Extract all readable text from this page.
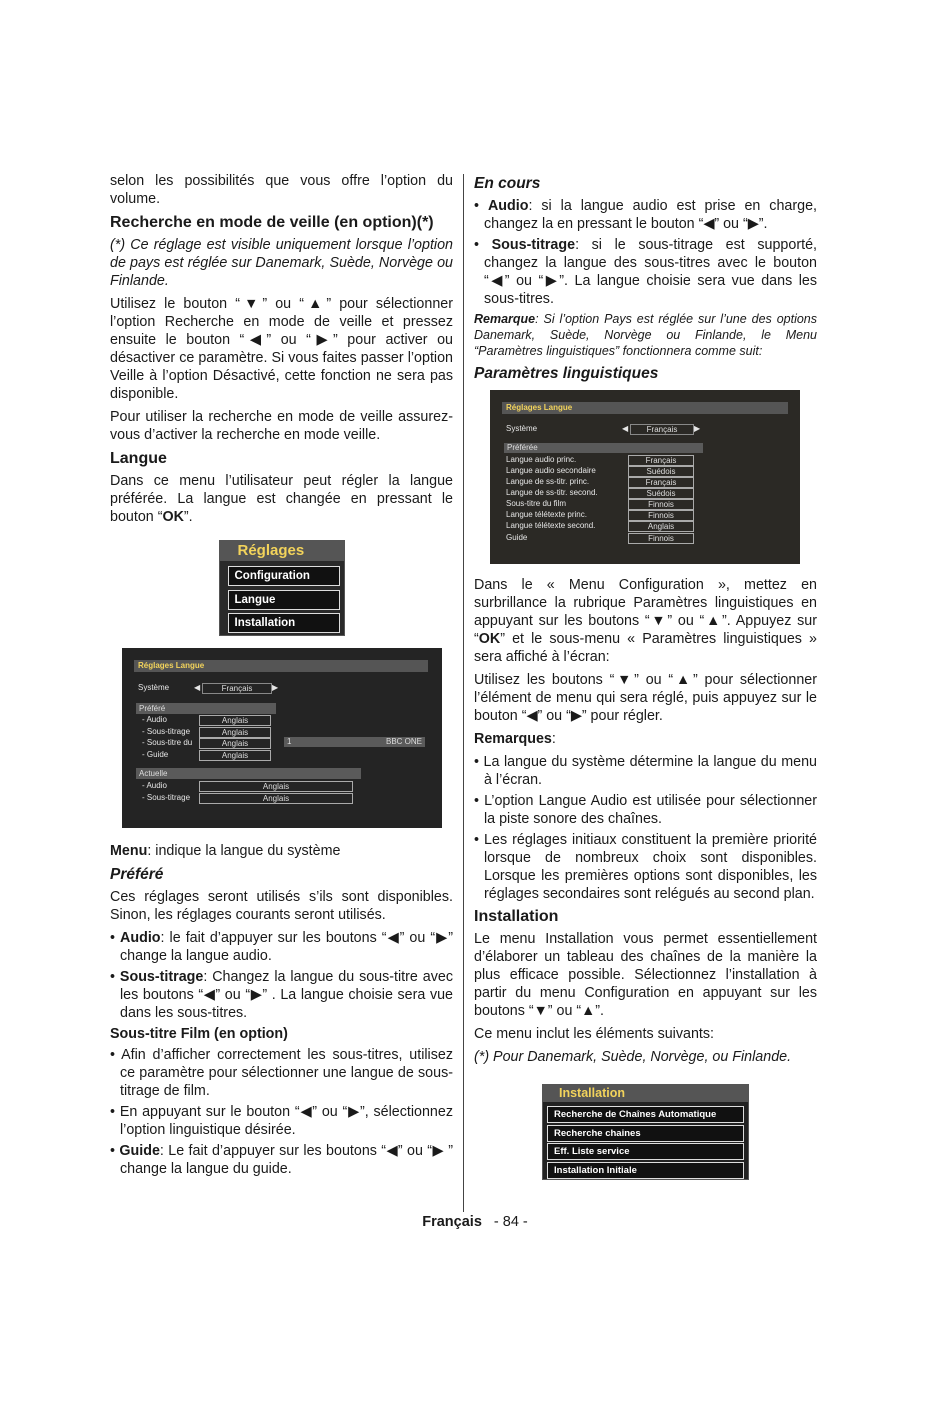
selon les possibilités que vous offre l’option du volume.

Recherche en mode de veille (en option)(*)

(*) Ce réglage est visible uniquement lorsque l’option de pays est réglée sur Danemark, Suède, Norvège ou Finlande.

Utilisez le bouton “▼” ou “▲” pour sélectionner l’option Recherche en mode de veille et pressez ensuite le bouton “◀” ou “▶” pour activer ou désactiver ce paramètre. Si vous faites passer l’option Veille à l’option Désactivé, cette fonction ne sera pas disponible.

Pour utiliser la recherche en mode de veille assurez-vous d’activer la recherche en mode veille.

Langue

Dans ce menu l’utilisateur peut régler la langue préférée. La langue est changée en pressant le bouton “OK”.

Réglages
Configuration
Langue
Installation
Réglages Langue
Système	◀	Français	▶
Préféré
- Audio	Anglais
- Sous-titrage	Anglais
- Sous-titre du	Anglais	1	BBC ONE
- Guide	Anglais
Actuelle
- Audio	Anglais
- Sous-titrage	Anglais

Menu: indique la langue du système

Préféré

Ces réglages seront utilisés s’ils sont disponibles. Sinon, les réglages courants seront utilisés.

• Audio: le fait d’appuyer sur les boutons “◀” ou “▶” change la langue audio.

• Sous-titrage: Changez la langue du sous-titre avec les boutons “◀” ou “▶” . La langue choisie sera vue dans les sous-titres.

Sous-titre Film (en option)

• Afin d’afficher correctement les sous-titres, utilisez ce paramètre pour sélectionner une langue de sous-titrage de film.

• En appuyant sur le bouton “◀” ou “▶”, sélectionnez l’option linguistique désirée.

• Guide: Le fait d’appuyer sur les boutons “◀” ou “▶ ” change la langue du guide.

En cours

• Audio: si la langue audio est prise en charge, changez la en pressant le bouton “◀” ou “▶”.

• Sous-titrage: si le sous-titrage est supporté, changez la langue des sous-titres avec le bouton “◀” ou “▶”. La langue choisie sera vue dans les sous-titres.

Remarque: Si l’option Pays est réglée sur l’une des options Danemark, Suède, Norvège ou Finlande, le Menu “Paramètres linguistiques” fonctionnera comme suit:

Paramètres linguistiques
Réglages Langue
Système	◀	Français	▶
Préférée
Langue audio princ.	Français
Langue audio secondaire	Suédois
Langue de ss-titr. princ.	Français
Langue de ss-titr. second.	Suédois
Sous-titre du film	Finnois
Langue télétexte princ.	Finnois
Langue télétexte second.	Anglais
Guide	Finnois

Dans le « Menu Configuration », mettez en surbrillance la rubrique Paramètres linguistiques en appuyant sur les boutons “▼” ou “▲”. Appuyez sur “OK” et le sous-menu « Paramètres linguistiques » sera affiché à l’écran:

Utilisez les boutons “▼” ou “▲” pour sélectionner l’élément de menu qui sera réglé, puis appuyez sur le bouton “◀” ou “▶” pour régler.

Remarques:

• La langue du système détermine la langue du menu à l’écran.

• L’option Langue Audio est utilisée pour sélectionner la piste sonore des chaînes.

• Les réglages initiaux constituent la première priorité lorsque de nombreux choix sont disponibles. Lorsque les premières options sont disponibles, les réglages secondaires sont relégués au second plan.

Installation

Le menu Installation vous permet essentiellement d’élaborer un tableau des chaînes de la manière la plus efficace possible. Sélectionnez l’installation à partir du menu Configuration en appuyant sur les boutons “▼” ou “▲”.

Ce menu inclut les éléments suivants:

(*) Pour Danemark, Suède, Norvège, ou Finlande.

Installation
Recherche de Chaînes Automatique
Recherche chaines
Eff. Liste service
Installation Initiale
Français - 84 -
